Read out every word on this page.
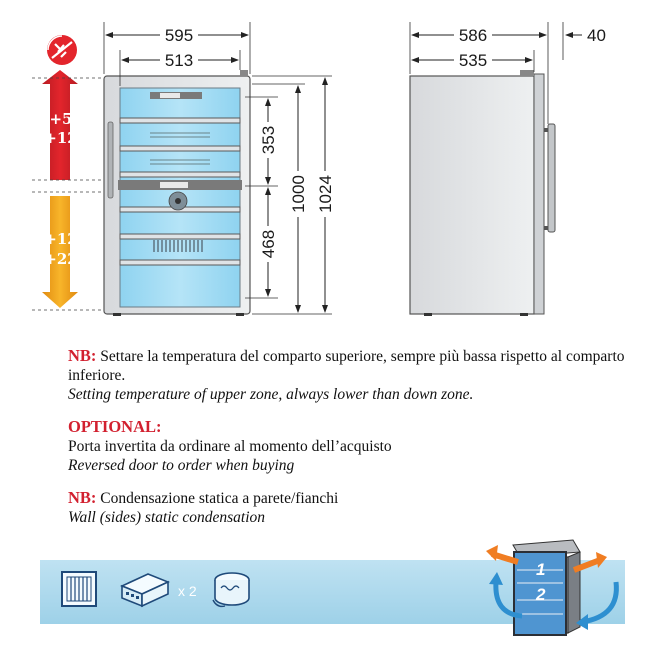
+5
+12
+12
+22
595
513
353
468
1000 1024
586
535
40
NB: Settare la temperatura del comparto superiore, sempre più bassa rispetto al comparto inferiore.
Setting temperature of upper zone, always lower than down zone.
OPTIONAL:
Porta invertita da ordinare al momento dell’acquisto
Reversed door to order when buying
NB: Condensazione statica a parete/fianchi
Wall (sides) static condensation
x 2
1
2
